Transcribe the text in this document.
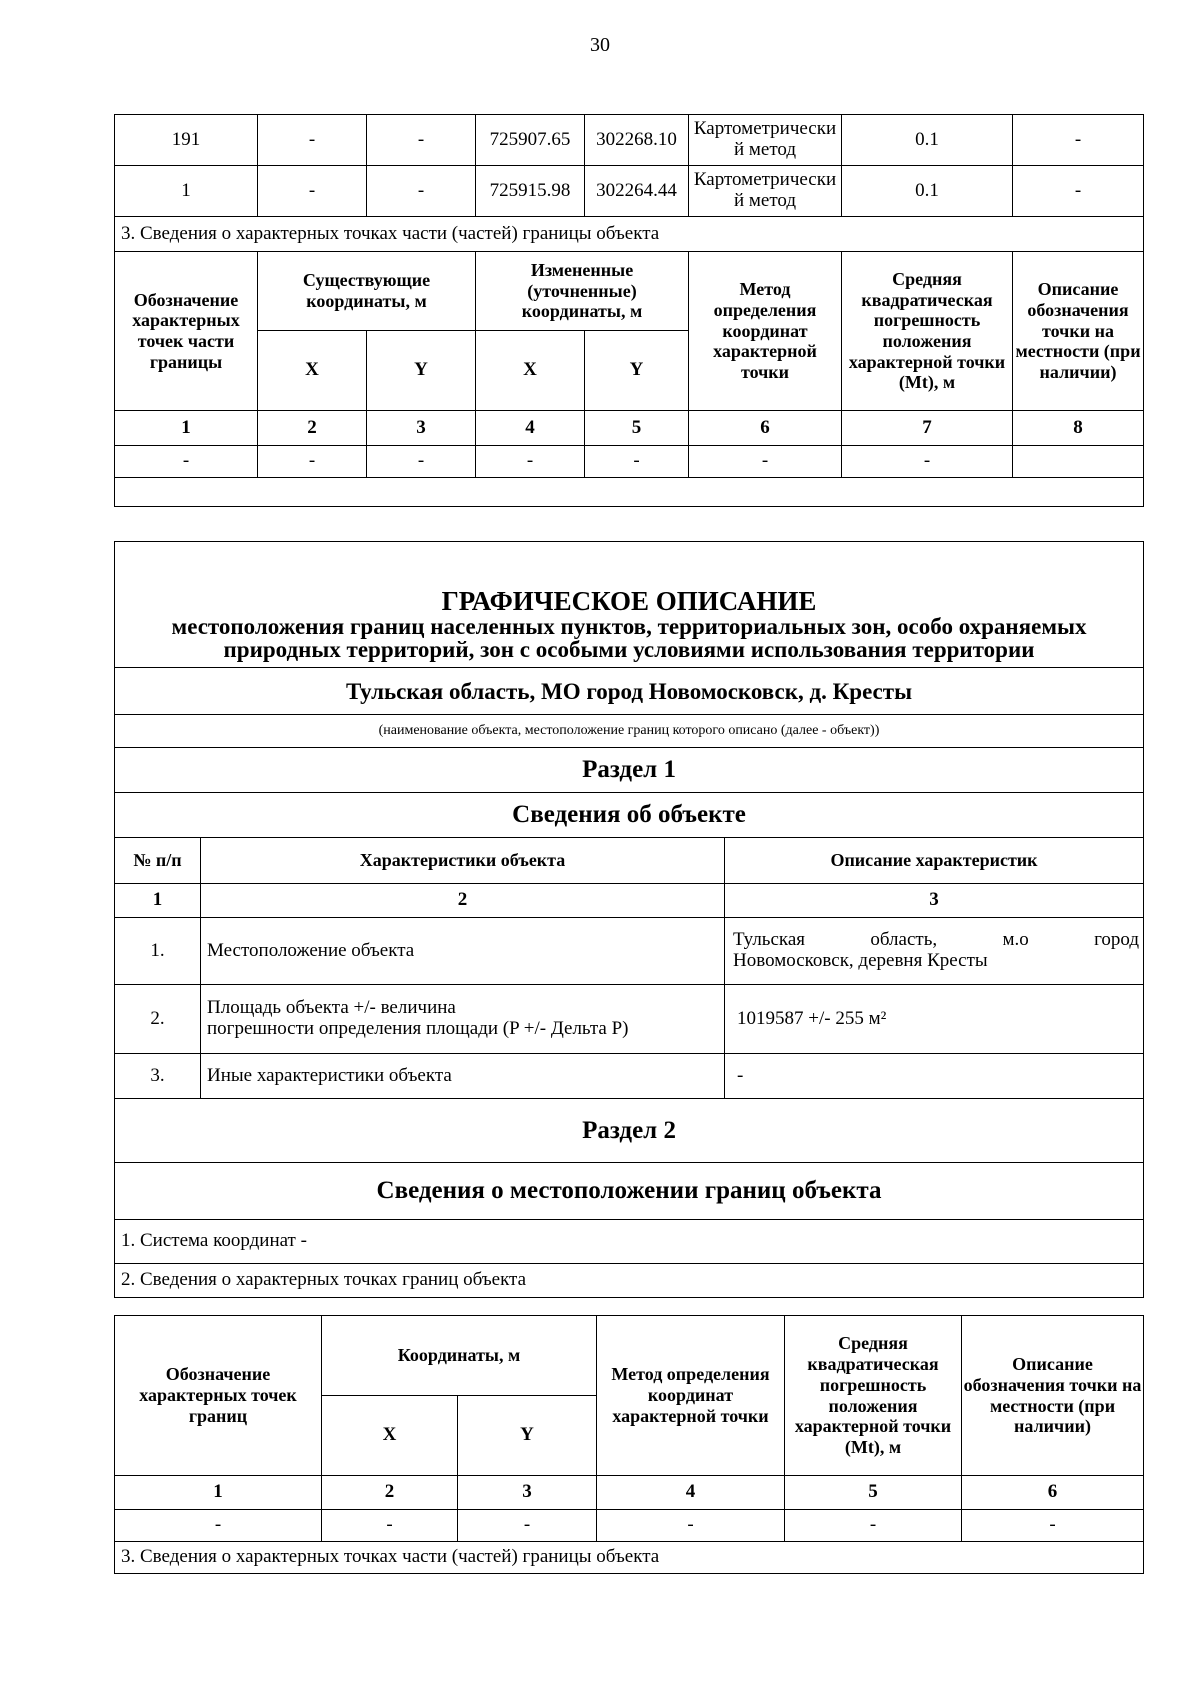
30
191	-	-	725907.65	302268.10	Картометрический метод	0.1	-
1	-	-	725915.98	302264.44	Картометрический метод	0.1	-
3. Сведения о характерных точках части (частей) границы объекта							
Обозначение характерных точек части границы	Существующие координаты, м		Измененные (уточненные) координаты, м		Метод определения координат характерной точки	Средняя квадратическая погрешность положения характерной точки (Mt), м	Описание обозначения точки на местности (при наличии)
	X	Y	X	Y			
1	2	3	4	5	6	7	8
-	-	-	-	-	-	-	

ГРАФИЧЕСКОЕ ОПИСАНИЕ
местоположения границ населенных пунктов, территориальных зон, особо охраняемых природных территорий, зон с особыми условиями использования территории		

Тульская область, МО город Новомосковск, д. Кресты		
(наименование объекта, местоположение границ которого описано (далее - объект))		
Раздел 1		
Сведения об объекте		
№ п/п	Характеристики объекта	Описание характеристик
1	2	3
1.	Местоположение объекта	Тульская область, м.о город
Новомосковск, деревня Кресты

2.	Площадь объекта +/- величина
погрешности определения площади (P +/- Дельта P)	1019587 +/- 255 м²
3.	Иные характеристики объекта	-
Раздел 2		
Сведения о местоположении границ объекта		
1. Система координат -		
2. Сведения о характерных точках границ объекта		
Обозначение характерных точек границ	Координаты, м		Метод определения координат характерной точки	Средняя квадратическая погрешность положения характерной точки (Mt), м	Описание обозначения точки на местности (при наличии)
	X	Y			
1	2	3	4	5	6
-	-	-	-	-	-
3. Сведения о характерных точках части (частей) границы объекта					
